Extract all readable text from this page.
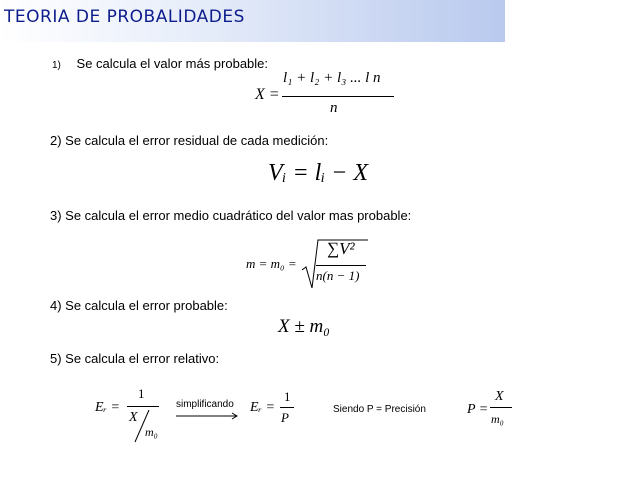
TEORIA DE PROBALIDADES
1) Se calcula el valor más probable:
X =
l₁ + l₂ + l₃ ... l n
n
2) Se calcula el error residual de cada medición:
Vᵢ = lᵢ − X
3) Se calcula el error medio cuadrático del valor mas probable:
m = m₀ =
∑V²
n(n − 1)
4) Se calcula el error probable:
X ± m₀
5) Se calcula el error relativo:
Eᵣ =
1
X
m₀
simplificando Eᵣ =
1
P
Siendo P = Precisión	P =
X
m₀
